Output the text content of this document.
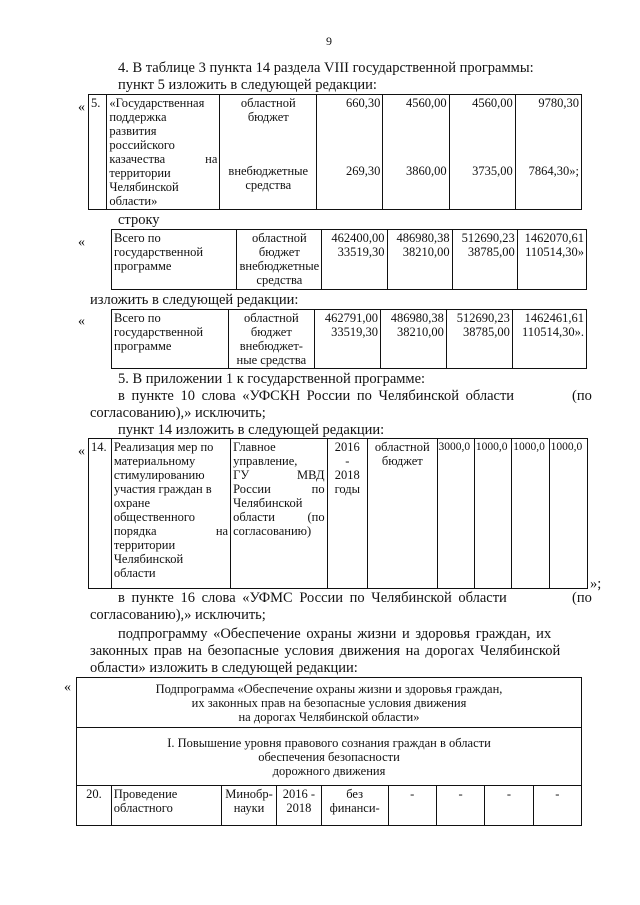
9
4. В таблице 3 пункта 14 раздела VIII государственной программы:
пункт 5 изложить в следующей редакции:
« 5.	«Государственная
поддержка
развития
российского
казачества на
территории
Челябинской
области»

областной бюджет
внебюджетные средства

660,30
269,30

4560,00
3860,00

4560,00
3735,00

9780,30
7864,30»;
строку
« Всего по
государственной
программе

областной бюджет
внебюджетные средства

462400,00
33519,30

486980,38
38210,00

512690,23
38785,00

1462070,61
110514,30»
изложить в следующей редакции:
« Всего по
государственной
программе

областной
бюджет
внебюджет-
ные средства

462791,00
33519,30

486980,38
38210,00

512690,23
38785,00

1462461,61
110514,30».
5. В приложении 1 к государственной программе:
в пункте 10 слова «УФСКН России по Челябинской области	(по
согласованию),» исключить;
пункт 14 изложить в следующей редакции:
« 14.	Реализация мер по
материальному
стимулированию
участия граждан в
охране
общественного
порядка на
территории
Челябинской
области

Главное
управление,
ГУ МВД
России по
Челябинской
области (по
согласованию)

2016
-
2018
годы
	областной бюджет	3000,0	1000,0	1000,0	1000,0
»;
в пункте 16 слова «УФМС России по Челябинской области	(по
согласованию),» исключить;
подпрограмму «Обеспечение охраны жизни и здоровья граждан, их
законных прав на безопасные условия движения на дорогах Челябинской
области» изложить в следующей редакции:
«	Подпрограмма «Обеспечение охраны жизни и здоровья граждан,
их законных прав на безопасные условия движения
на дорогах Челябинской области»

I. Повышение уровня правового сознания граждан в области
обеспечения безопасности
дорожного движения

20.	Проведение
областного

Минобр-
науки

2016 -
2018

без
финанси-
	-	-	-	-
